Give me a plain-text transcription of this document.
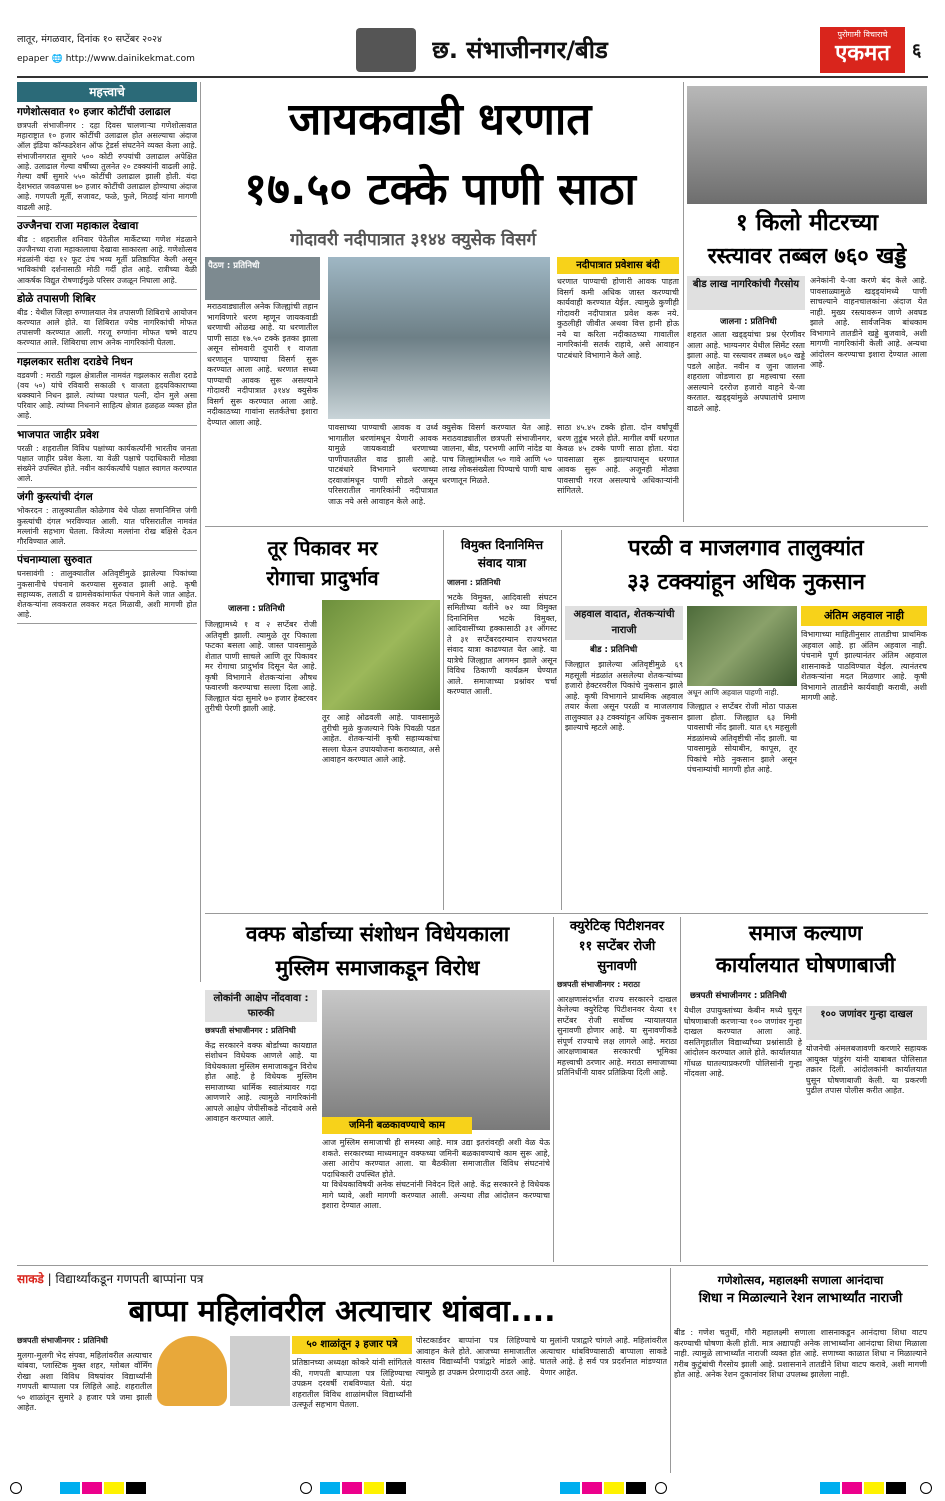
लातूर, मंगळवार, दिनांक १० सप्टेंबर २०२४
epaper 🌐 http://www.dainikekmat.com	छ. संभाजीनगर/बीड
पुरोगामी विचाराचे
एकमत	६
महत्त्वाचे
गणेशोत्सवात १० हजार कोटींची उलाढाल

छत्रपती संभाजीनगर : दहा दिवस चालणाऱ्या गणेशोत्सवात महाराष्ट्रात १० हजार कोटींची उलाढाल होत असल्याचा अंदाज ऑल इंडिया कॉन्फडरेशन ऑफ ट्रेडर्स संघटनेने व्यक्त केला आहे. संभाजीनगरात सुमारे ५०० कोटी रुपयांची उलाढाल अपेक्षित आहे. उलाढाल गेल्या वर्षीच्या तुलनेत २० टक्क्यांनी वाढली आहे. गेल्या वर्षी सुमारे ५५० कोटींची उलाढाल झाली होती. यंदा देशभरात जवळपास ७० हजार कोटींची उलाढाल होण्याचा अंदाज आहे. गणपती मूर्ती, सजावट, फळे, फुले, मिठाई यांना मागणी वाढली आहे.

उज्जैनचा राजा महाकाल देखावा

बीड : शहरातील शनिवार पेठेतील मार्केटच्या गणेश मंडळाने उज्जैनच्या राजा महाकालाचा देखावा साकारला आहे. गणेशोत्सव मंडळांनी यंदा १२ फूट उंच भव्य मूर्ती प्रतिष्ठापित केली असून भाविकांची दर्शनासाठी मोठी गर्दी होत आहे. रात्रीच्या वेळी आकर्षक विद्युत रोषणाईमुळे परिसर उजळून निघाला आहे.

डोळे तपासणी शिबिर

बीड : येथील जिल्हा रुग्णालयात नेत्र तपासणी शिबिराचे आयोजन करण्यात आले होते. या शिबिरात ज्येष्ठ नागरिकांची मोफत तपासणी करण्यात आली. गरजू रुग्णांना मोफत चष्मे वाटप करण्यात आले. शिबिराचा लाभ अनेक नागरिकांनी घेतला.

गझलकार सतीश दराडेचे निधन

वडवणी : मराठी गझल क्षेत्रातील नामवंत गझलकार सतीश दराडे (वय ५०) यांचे रविवारी सकाळी ९ वाजता हृदयविकाराच्या धक्क्याने निधन झाले. त्यांच्या पश्चात पत्नी, दोन मुले असा परिवार आहे. त्यांच्या निधनाने साहित्य क्षेत्रात हळहळ व्यक्त होत आहे.

भाजपात जाहीर प्रवेश

परळी : शहरातील विविध पक्षांच्या कार्यकर्त्यांनी भारतीय जनता पक्षात जाहीर प्रवेश केला. या वेळी पक्षाचे पदाधिकारी मोठ्या संख्येने उपस्थित होते. नवीन कार्यकर्त्यांचे पक्षात स्वागत करण्यात आले.

जंगी कुस्त्यांची दंगल

भोकरदन : तालुक्यातील कोळेगाव येथे पोळा सणानिमित्त जंगी कुस्त्यांची दंगल भरविण्यात आली. यात परिसरातील नामवंत मल्लांनी सहभाग घेतला. विजेत्या मल्लांना रोख बक्षिसे देऊन गौरविण्यात आले.

पंचनाम्याला सुरुवात

घनसावंगी : तालुक्यातील अतिवृष्टीमुळे झालेल्या पिकांच्या नुकसानीचे पंचनामे करण्यास सुरुवात झाली आहे. कृषी सहाय्यक, तलाठी व ग्रामसेवकांमार्फत पंचनामे केले जात आहेत. शेतकऱ्यांना लवकरात लवकर मदत मिळावी, अशी मागणी होत आहे.

जायकवाडी धरणात
१७.५० टक्के पाणी साठा
गोदावरी नदीपात्रात ३१४४ क्युसेक विसर्ग
पैठण : प्रतिनिधी

मराठवाड्यातील अनेक जिल्ह्यांची तहान भागविणारे धरण म्हणून जायकवाडी धरणाची ओळख आहे. या धरणातील पाणी साठा १७.५० टक्के इतका झाला असून सोमवारी दुपारी १ वाजता धरणातून पाण्याचा विसर्ग सुरू करण्यात आला आहे. धरणात सध्या पाण्याची आवक सुरू असल्याने गोदावरी नदीपात्रात ३१४४ क्युसेक विसर्ग सुरू करण्यात आला आहे. नदीकाठच्या गावांना सतर्कतेचा इशारा देण्यात आला आहे.

पावसाच्या पाण्याची आवक व उर्ध्व भागातील धरणांमधून येणारी आवक यामुळे जायकवाडी धरणाच्या पाणीपातळीत वाढ झाली आहे. पाटबंधारे विभागाने धरणाच्या दरवाजांमधून पाणी सोडले असून परिसरातील नागरिकांनी नदीपात्रात जाऊ नये असे आवाहन केले आहे.

क्युसेक विसर्ग करण्यात येत आहे. मराठवाड्यातील छत्रपती संभाजीनगर, जालना, बीड, परभणी आणि नांदेड या पाच जिल्ह्यांमधील ५० गावे आणि ५० लाख लोकसंख्येला पिण्याचे पाणी याच धरणातून मिळते.

नदीपात्रात प्रवेशास बंदी

धरणात पाण्याची होणारी आवक पाहता विसर्ग कमी अधिक जास्त करण्याची कार्यवाही करण्यात येईल. त्यामुळे कुणीही गोदावरी नदीपात्रात प्रवेश करू नये. कुठलीही जीवीत अथवा वित्त हानी होऊ नये या करिता नदीकाठच्या गावातील नागरिकांनी सतर्क राहावे, असे आवाहन पाटबंधारे विभागाने केले आहे.

साठा ४५.४५ टक्के होता. दोन वर्षांपूर्वी धरण तुडूंब भरले होते. मागील वर्षी धरणात केवळ ४५ टक्के पाणी साठा होता. यंदा पावसाळा सुरू झाल्यापासून धरणात आवक सुरू आहे. अजूनही मोठ्या पावसाची गरज असल्याचे अधिकाऱ्यांनी सांगितले.

१ किलो मीटरच्या
रस्त्यावर तब्बल ७६० खड्डे
बीड लाख नागरिकांची गैरसोय
जालना : प्रतिनिधी

शहरात आता खड्ड्यांचा प्रश्न ऐरणीवर आला आहे. भाग्यनगर येथील सिमेंट रस्ता झाला आहे. या रस्त्यावर तब्बल ७६० खड्डे पडले आहेत. नवीन व जुना जालना शहराला जोडणारा हा महत्त्वाचा रस्ता असल्याने दररोज हजारो वाहने ये-जा करतात. खड्ड्यांमुळे अपघातांचे प्रमाण वाढले आहे.

अनेकांनी ये-जा करणे बंद केले आहे. पावसाळ्यामुळे खड्ड्यांमध्ये पाणी साचल्याने वाहनचालकांना अंदाज येत नाही. मुख्य रस्त्यावरून जाणे अवघड झाले आहे. सार्वजनिक बांधकाम विभागाने तातडीने खड्डे बुजवावे, अशी मागणी नागरिकांनी केली आहे. अन्यथा आंदोलन करण्याचा इशारा देण्यात आला आहे.

तूर पिकावर मर
रोगाचा प्रादुर्भाव
जालना : प्रतिनिधी

जिल्ह्यामध्ये १ व २ सप्टेंबर रोजी अतिवृष्टी झाली. त्यामुळे तूर पिकाला फटका बसला आहे. जास्त पावसामुळे शेतात पाणी साचले आणि तूर पिकावर मर रोगाचा प्रादुर्भाव दिसून येत आहे. कृषी विभागाने शेतकऱ्यांना औषध फवारणी करण्याचा सल्ला दिला आहे. जिल्ह्यात यंदा सुमारे ७० हजार हेक्टरवर तुरीची पेरणी झाली आहे.

तूर आहे ओढवली आहे. पावसामुळे तुरीची मुळे कुजल्याने पिके पिवळी पडत आहेत. शेतकऱ्यांनी कृषी सहाय्यकांचा सल्ला घेऊन उपाययोजना कराव्यात, असे आवाहन करण्यात आले आहे.

विमुक्त दिनानिमित्त
संवाद यात्रा

जालना : प्रतिनिधी

भटके विमुक्त, आदिवासी संघटन समितीच्या वतीने ७२ व्या विमुक्त दिनानिमित्त भटके विमुक्त, आदिवासींच्या हक्कासाठी ३१ ऑगस्ट ते ३१ सप्टेंबरदरम्यान राज्यभरात संवाद यात्रा काढण्यात येत आहे. या यात्रेचे जिल्ह्यात आगमन झाले असून विविध ठिकाणी कार्यक्रम घेण्यात आले. समाजाच्या प्रश्नांवर चर्चा करण्यात आली.

परळी व माजलगाव तालुक्यांत
३३ टक्क्यांहून अधिक नुकसान
अहवाल वादात, शेतकऱ्यांची नाराजी
बीड : प्रतिनिधी

जिल्ह्यात झालेल्या अतिवृष्टीमुळे ६९ महसूली मंडळांत असलेल्या शेतकऱ्यांच्या हजारो हेक्टरवरील पिकांचे नुकसान झाले आहे. कृषी विभागाने प्राथमिक अहवाल तयार केला असून परळी व माजलगाव तालुक्यात ३३ टक्क्यांहून अधिक नुकसान झाल्याचे म्हटले आहे.

अधून आणि अहवाल पाहणी नाही.

जिल्ह्यात २ सप्टेंबर रोजी मोठा पाऊस झाला होता. जिल्ह्यात ६३ मिमी पावसाची नोंद झाली. यात ६९ महसुली मंडळांमध्ये अतिवृष्टीची नोंद झाली. या पावसामुळे सोयाबीन, कापूस, तूर पिकांचे मोठे नुकसान झाले असून पंचनाम्यांची मागणी होत आहे.

अंतिम अहवाल नाही

विभागाच्या माहितीनुसार तातडीचा प्राथमिक अहवाल आहे. हा अंतिम अहवाल नाही. पंचनामे पूर्ण झाल्यानंतर अंतिम अहवाल शासनाकडे पाठविण्यात येईल. त्यानंतरच शेतकऱ्यांना मदत मिळणार आहे. कृषी विभागाने तातडीने कार्यवाही करावी, अशी मागणी आहे.

वक्फ बोर्डाच्या संशोधन विधेयकाला
मुस्लिम समाजाकडून विरोध
लोकांनी आक्षेप नोंदवावा : फारुकी

छत्रपती संभाजीनगर : प्रतिनिधी

केंद्र सरकारने वक्फ बोर्डाच्या कायद्यात संशोधन विधेयक आणले आहे. या विधेयकाला मुस्लिम समाजाकडून विरोध होत आहे. हे विधेयक मुस्लिम समाजाच्या धार्मिक स्वातंत्र्यावर गदा आणणारे आहे. त्यामुळे नागरिकांनी आपले आक्षेप जेपीसीकडे नोंदवावे असे आवाहन करण्यात आले.

जमिनी बळकावण्याचे काम

आज मुस्लिम समाजाची ही समस्या आहे. मात्र उद्या इतरांवरही अशी वेळ येऊ शकते. सरकारच्या माध्यमातून वक्फच्या जमिनी बळकावण्याचे काम सुरू आहे, असा आरोप करण्यात आला. या बैठकीला समाजातील विविध संघटनांचे पदाधिकारी उपस्थित होते.

या विधेयकाविषयी अनेक संघटनांनी निवेदन दिले आहे. केंद्र सरकारने हे विधेयक मागे घ्यावे, अशी मागणी करण्यात आली. अन्यथा तीव्र आंदोलन करण्याचा इशारा देण्यात आला.

क्युरेटिव्ह पिटीशनवर
११ सप्टेंबर रोजी
सुनावणी

छत्रपती संभाजीनगर : मराठा

आरक्षणासंदर्भात राज्य सरकारने दाखल केलेल्या क्युरेटिव्ह पिटीशनवर येत्या ११ सप्टेंबर रोजी सर्वोच्च न्यायालयात सुनावणी होणार आहे. या सुनावणीकडे संपूर्ण राज्याचे लक्ष लागले आहे. मराठा आरक्षणाबाबत सरकारची भूमिका महत्त्वाची ठरणार आहे. मराठा समाजाच्या प्रतिनिधींनी यावर प्रतिक्रिया दिली आहे.

समाज कल्याण
कार्यालयात घोषणाबाजी
छत्रपती संभाजीनगर : प्रतिनिधी

येथील उपायुक्तांच्या केबीन मध्ये घुसून घोषणाबाजी करणाऱ्या १०० जणांवर गुन्हा दाखल करण्यात आला आहे. वसतिगृहातील विद्यार्थ्यांच्या प्रश्नांसाठी हे आंदोलन करण्यात आले होते. कार्यालयात गोंधळ घातल्याप्रकरणी पोलिसांनी गुन्हा नोंदवला आहे.

१०० जणांवर गुन्हा दाखल

योजनेची अंमलबजावणी करणारे सहायक आयुक्त पांडुरंग यांनी याबाबत पोलिसात तक्रार दिली. आंदोलकांनी कार्यालयात घुसून घोषणाबाजी केली. या प्रकरणी पुढील तपास पोलीस करीत आहेत.

साकडे | विद्यार्थ्यांकडून गणपती बाप्पांना पत्र
बाप्पा महिलांवरील अत्याचार थांबवा....

छत्रपती संभाजीनगर : प्रतिनिधी

मुलगा-मुलगी भेद संपवा, महिलांवरील अत्याचार थांबवा, प्लास्टिक मुक्त शहर, ग्लोबल वॉर्मिंग रोखा अशा विविध विषयांवर विद्यार्थ्यांनी गणपती बाप्पाला पत्र लिहिले आहे. शहरातील ५० शाळांतून सुमारे ३ हजार पत्रे जमा झाली आहेत.

५० शाळांतून ३ हजार पत्रे

प्रतिष्ठानच्या अध्यक्षा कोकरे यांनी सांगितले की, गणपती बाप्पाला पत्र लिहिण्याचा उपक्रम दरवर्षी राबविण्यात येतो. यंदा शहरातील विविध शाळांमधील विद्यार्थ्यांनी उत्स्फूर्त सहभाग घेतला.

पोस्टकार्डवर बाप्पांना पत्र लिहिण्याचे आवाहन केले होते. आजच्या समाजातील वास्तव विद्यार्थ्यांनी पत्रांद्वारे मांडले आहे. त्यामुळे हा उपक्रम प्रेरणादायी ठरत आहे.

या मुलांनी पत्राद्वारे चांगले आहे. महिलांवरील अत्याचार थांबविण्यासाठी बाप्पाला साकडे घातले आहे. हे सर्व पत्र प्रदर्शनात मांडण्यात येणार आहेत.

गणेशोत्सव, महालक्ष्मी सणाला आनंदाचा
शिधा न मिळाल्याने रेशन लाभार्थ्यांत नाराजी

बीड : गणेश चतुर्थी, गौरी महालक्ष्मी सणाला शासनाकडून आनंदाचा शिधा वाटप करण्याची घोषणा केली होती. मात्र अद्यापही अनेक लाभार्थ्यांना आनंदाचा शिधा मिळाला नाही. त्यामुळे लाभार्थ्यांत नाराजी व्यक्त होत आहे. सणाच्या काळात शिधा न मिळाल्याने गरीब कुटुंबांची गैरसोय झाली आहे. प्रशासनाने तातडीने शिधा वाटप करावे, अशी मागणी होत आहे. अनेक रेशन दुकानांवर शिधा उपलब्ध झालेला नाही.
